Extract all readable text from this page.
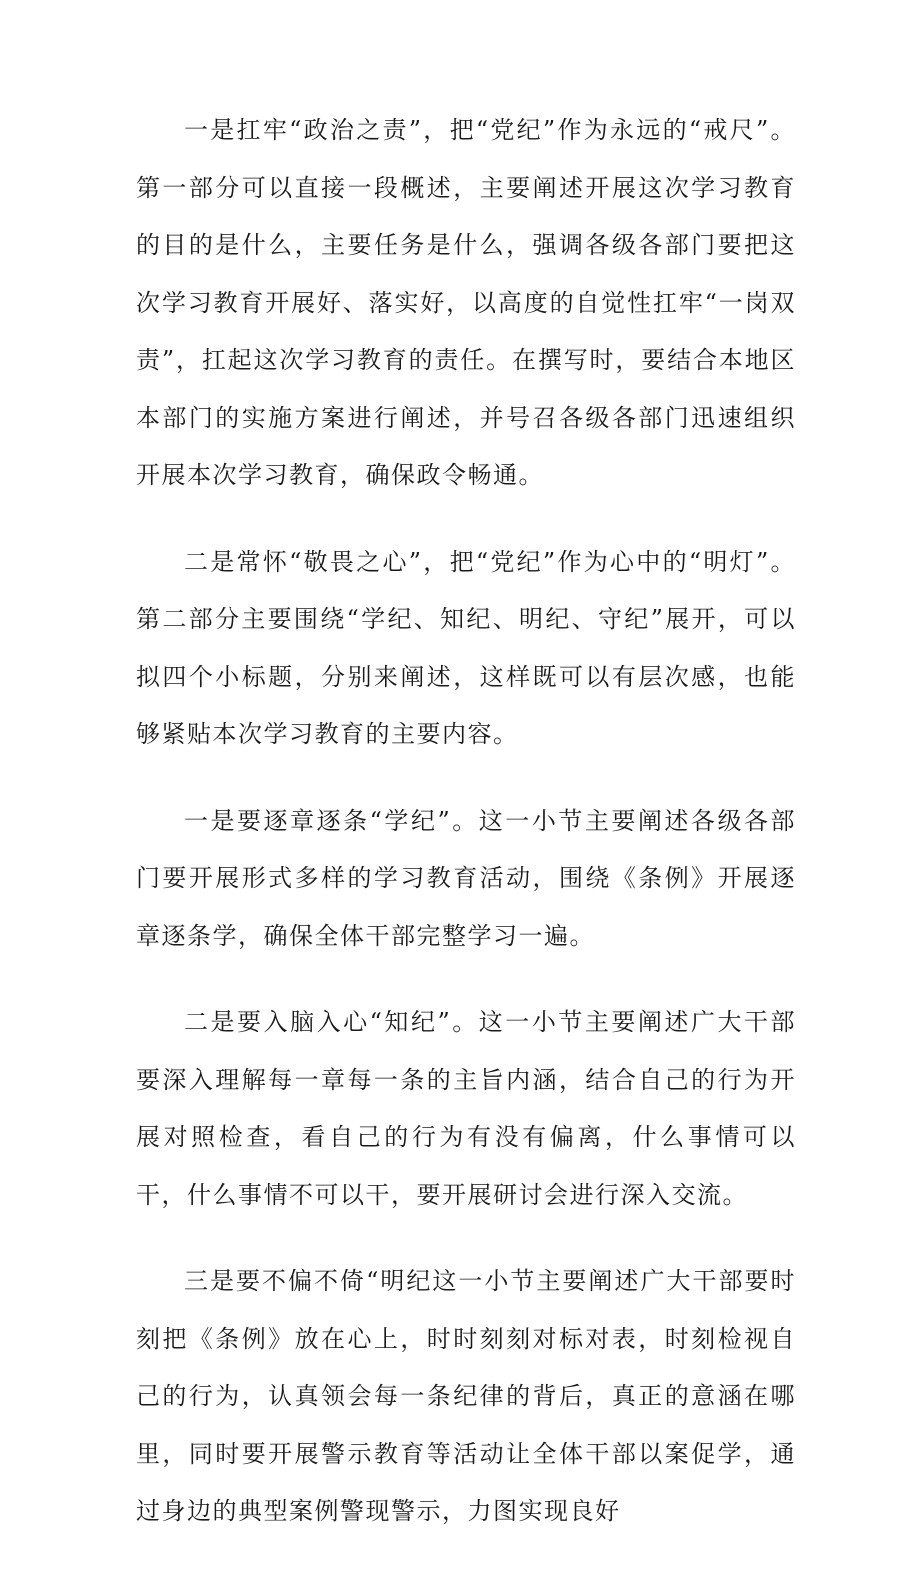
一是扛牢“政治之责”，把“党纪”作为永远的“戒尺”。第一部分可以直接一段概述，主要阐述开展这次学习教育的目的是什么，主要任务是什么，强调各级各部门要把这次学习教育开展好、落实好，以高度的自觉性扛牢“一岗双责”，扛起这次学习教育的责任。在撰写时，要结合本地区本部门的实施方案进行阐述，并号召各级各部门迅速组织开展本次学习教育，确保政令畅通。

二是常怀“敬畏之心”，把“党纪”作为心中的“明灯”。第二部分主要围绕“学纪、知纪、明纪、守纪”展开，可以拟四个小标题，分别来阐述，这样既可以有层次感，也能够紧贴本次学习教育的主要内容。

一是要逐章逐条“学纪”。这一小节主要阐述各级各部门要开展形式多样的学习教育活动，围绕《条例》开展逐章逐条学，确保全体干部完整学习一遍。

二是要入脑入心“知纪”。这一小节主要阐述广大干部要深入理解每一章每一条的主旨内涵，结合自己的行为开展对照检查，看自己的行为有没有偏离，什么事情可以干，什么事情不可以干，要开展研讨会进行深入交流。

三是要不偏不倚“明纪这一小节主要阐述广大干部要时刻把《条例》放在心上，时时刻刻对标对表，时刻检视自己的行为，认真领会每一条纪律的背后，真正的意涵在哪里，同时要开展警示教育等活动让全体干部以案促学，通过身边的典型案例警现警示，力图实现良好
